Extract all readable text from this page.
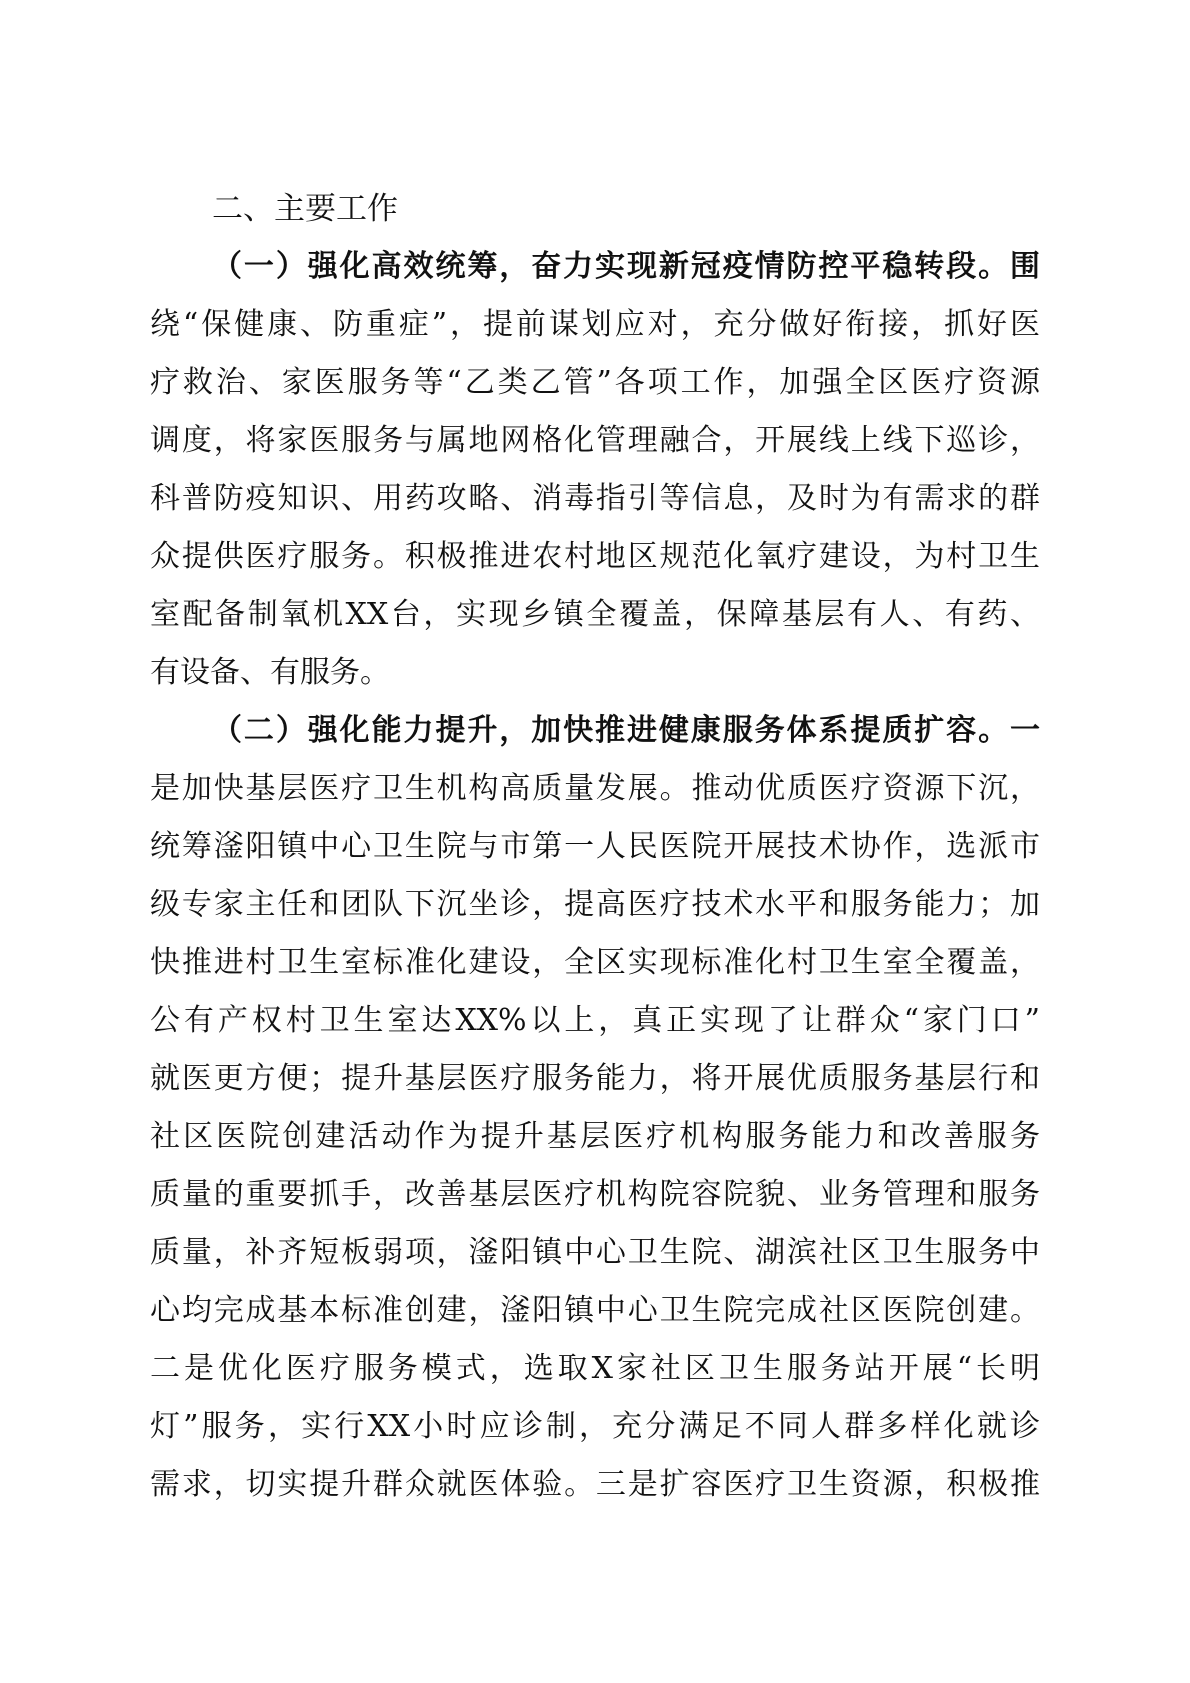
二、主要工作
（一）强化高效统筹，奋力实现新冠疫情防控平稳转段。围
绕“保健康、防重症”，提前谋划应对，充分做好衔接，抓好医
疗救治、家医服务等“乙类乙管”各项工作，加强全区医疗资源
调度，将家医服务与属地网格化管理融合，开展线上线下巡诊，
科普防疫知识、用药攻略、消毒指引等信息，及时为有需求的群
众提供医疗服务。积极推进农村地区规范化氧疗建设，为村卫生
室配备制氧机XX台，实现乡镇全覆盖，保障基层有人、有药、
有设备、有服务。
（二）强化能力提升，加快推进健康服务体系提质扩容。一
是加快基层医疗卫生机构高质量发展。推动优质医疗资源下沉，
统筹滏阳镇中心卫生院与市第一人民医院开展技术协作，选派市
级专家主任和团队下沉坐诊，提高医疗技术水平和服务能力；加
快推进村卫生室标准化建设，全区实现标准化村卫生室全覆盖，
公有产权村卫生室达XX%以上，真正实现了让群众“家门口”
就医更方便；提升基层医疗服务能力，将开展优质服务基层行和
社区医院创建活动作为提升基层医疗机构服务能力和改善服务
质量的重要抓手，改善基层医疗机构院容院貌、业务管理和服务
质量，补齐短板弱项，滏阳镇中心卫生院、湖滨社区卫生服务中
心均完成基本标准创建，滏阳镇中心卫生院完成社区医院创建。
二是优化医疗服务模式，选取X家社区卫生服务站开展“长明
灯”服务，实行XX小时应诊制，充分满足不同人群多样化就诊
需求，切实提升群众就医体验。三是扩容医疗卫生资源，积极推
